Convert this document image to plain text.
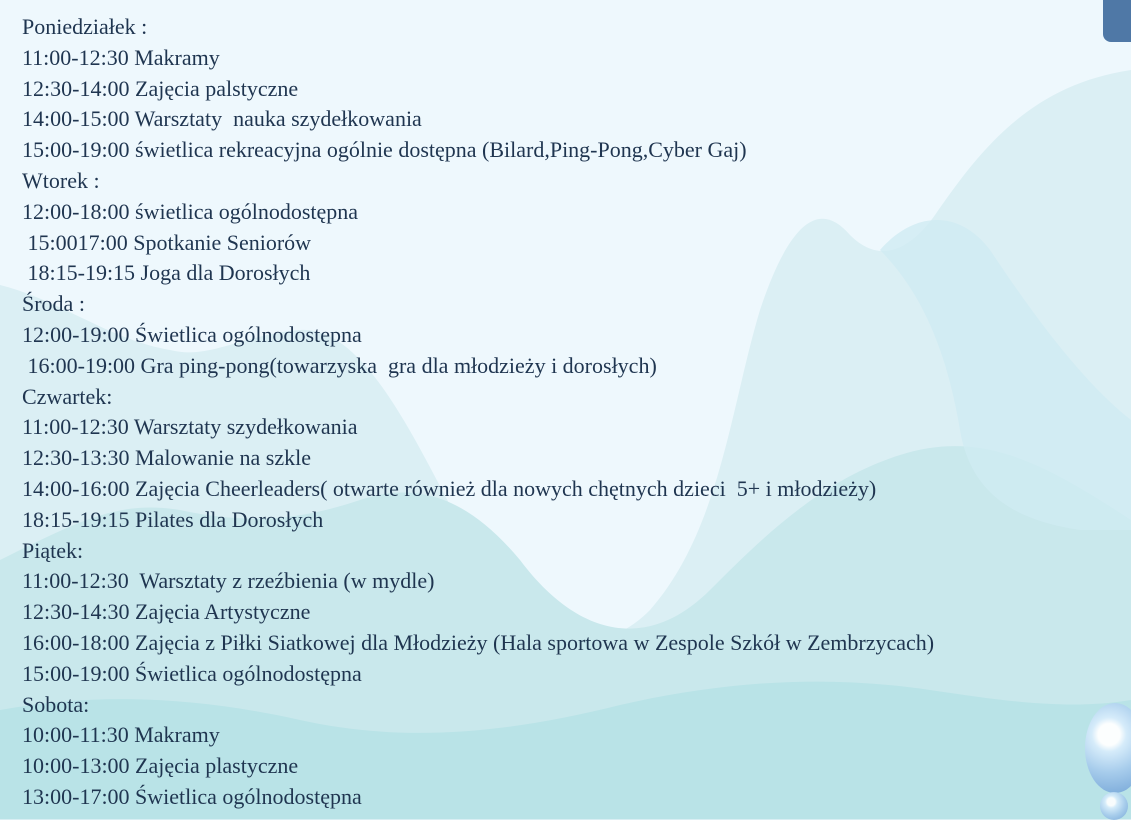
Poniedziałek :
11:00-12:30 Makramy
12:30-14:00 Zajęcia palstyczne
14:00-15:00 Warsztaty  nauka szydełkowania
15:00-19:00 świetlica rekreacyjna ogólnie dostępna (Bilard,Ping-Pong,Cyber Gaj)
Wtorek :
12:00-18:00 świetlica ogólnodostępna
15:0017:00 Spotkanie Seniorów
18:15-19:15 Joga dla Dorosłych
Środa :
12:00-19:00 Świetlica ogólnodostępna
16:00-19:00 Gra ping-pong(towarzyska  gra dla młodzieży i dorosłych)
Czwartek:
11:00-12:30 Warsztaty szydełkowania
12:30-13:30 Malowanie na szkle
14:00-16:00 Zajęcia Cheerleaders( otwarte również dla nowych chętnych dzieci  5+ i młodzieży)
18:15-19:15 Pilates dla Dorosłych
Piątek:
11:00-12:30  Warsztaty z rzeźbienia (w mydle)
12:30-14:30 Zajęcia Artystyczne
16:00-18:00 Zajęcia z Piłki Siatkowej dla Młodzieży (Hala sportowa w Zespole Szkół w Zembrzycach)
15:00-19:00 Świetlica ogólnodostępna
Sobota:
10:00-11:30 Makramy
10:00-13:00 Zajęcia plastyczne
13:00-17:00 Świetlica ogólnodostępna
